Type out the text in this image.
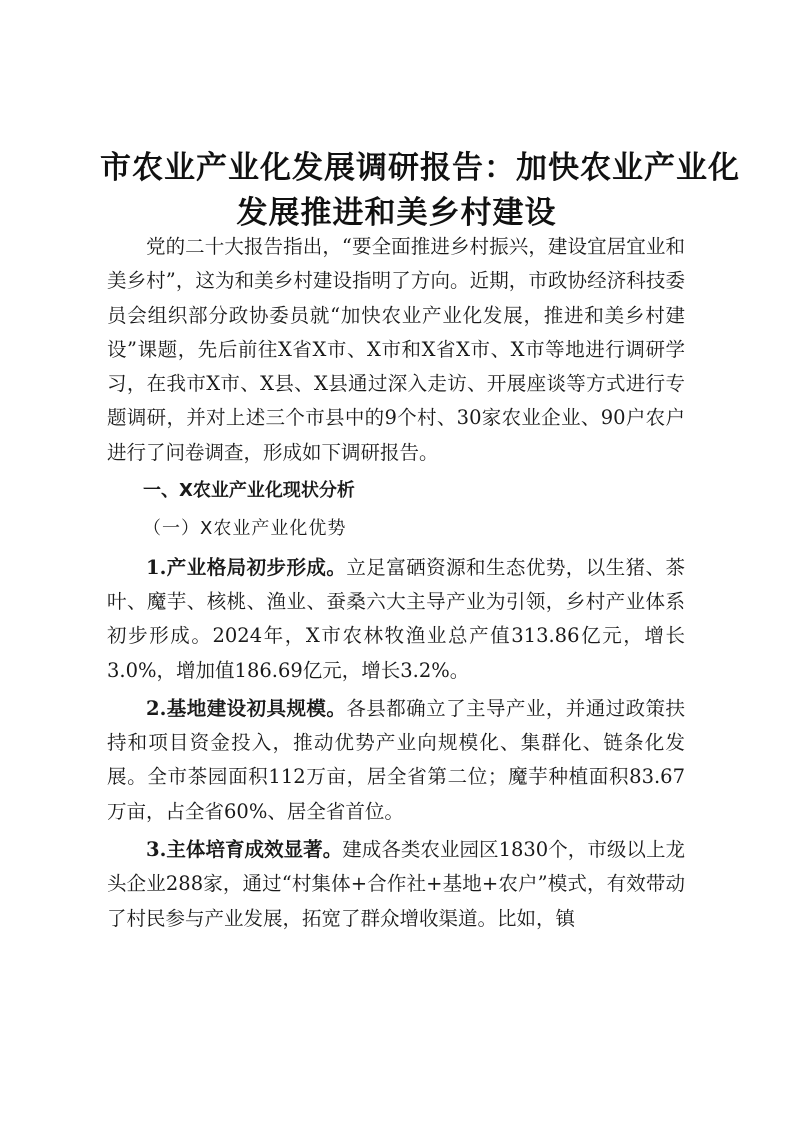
市农业产业化发展调研报告：加快农业产业化
发展推进和美乡村建设

党的二十大报告指出，“要全面推进乡村振兴，建设宜居宜业和美乡村”，这为和美乡村建设指明了方向。近期，市政协经济科技委员会组织部分政协委员就“加快农业产业化发展，推进和美乡村建设”课题，先后前往X省X市、X市和X省X市、X市等地进行调研学习，在我市X市、X县、X县通过深入走访、开展座谈等方式进行专题调研，并对上述三个市县中的9个村、30家农业企业、90户农户进行了问卷调查，形成如下调研报告。

一、X农业产业化现状分析

（一）X农业产业化优势

1.产业格局初步形成。立足富硒资源和生态优势，以生猪、茶叶、魔芋、核桃、渔业、蚕桑六大主导产业为引领，乡村产业体系初步形成。2024年，X市农林牧渔业总产值313.86亿元，增长3.0%，增加值186.69亿元，增长3.2%。

2.基地建设初具规模。各县都确立了主导产业，并通过政策扶持和项目资金投入，推动优势产业向规模化、集群化、链条化发展。全市茶园面积112万亩，居全省第二位；魔芋种植面积83.67万亩，占全省60%、居全省首位。

3.主体培育成效显著。建成各类农业园区1830个，市级以上龙头企业288家，通过“村集体+合作社+基地+农户”模式，有效带动了村民参与产业发展，拓宽了群众增收渠道。比如，镇
